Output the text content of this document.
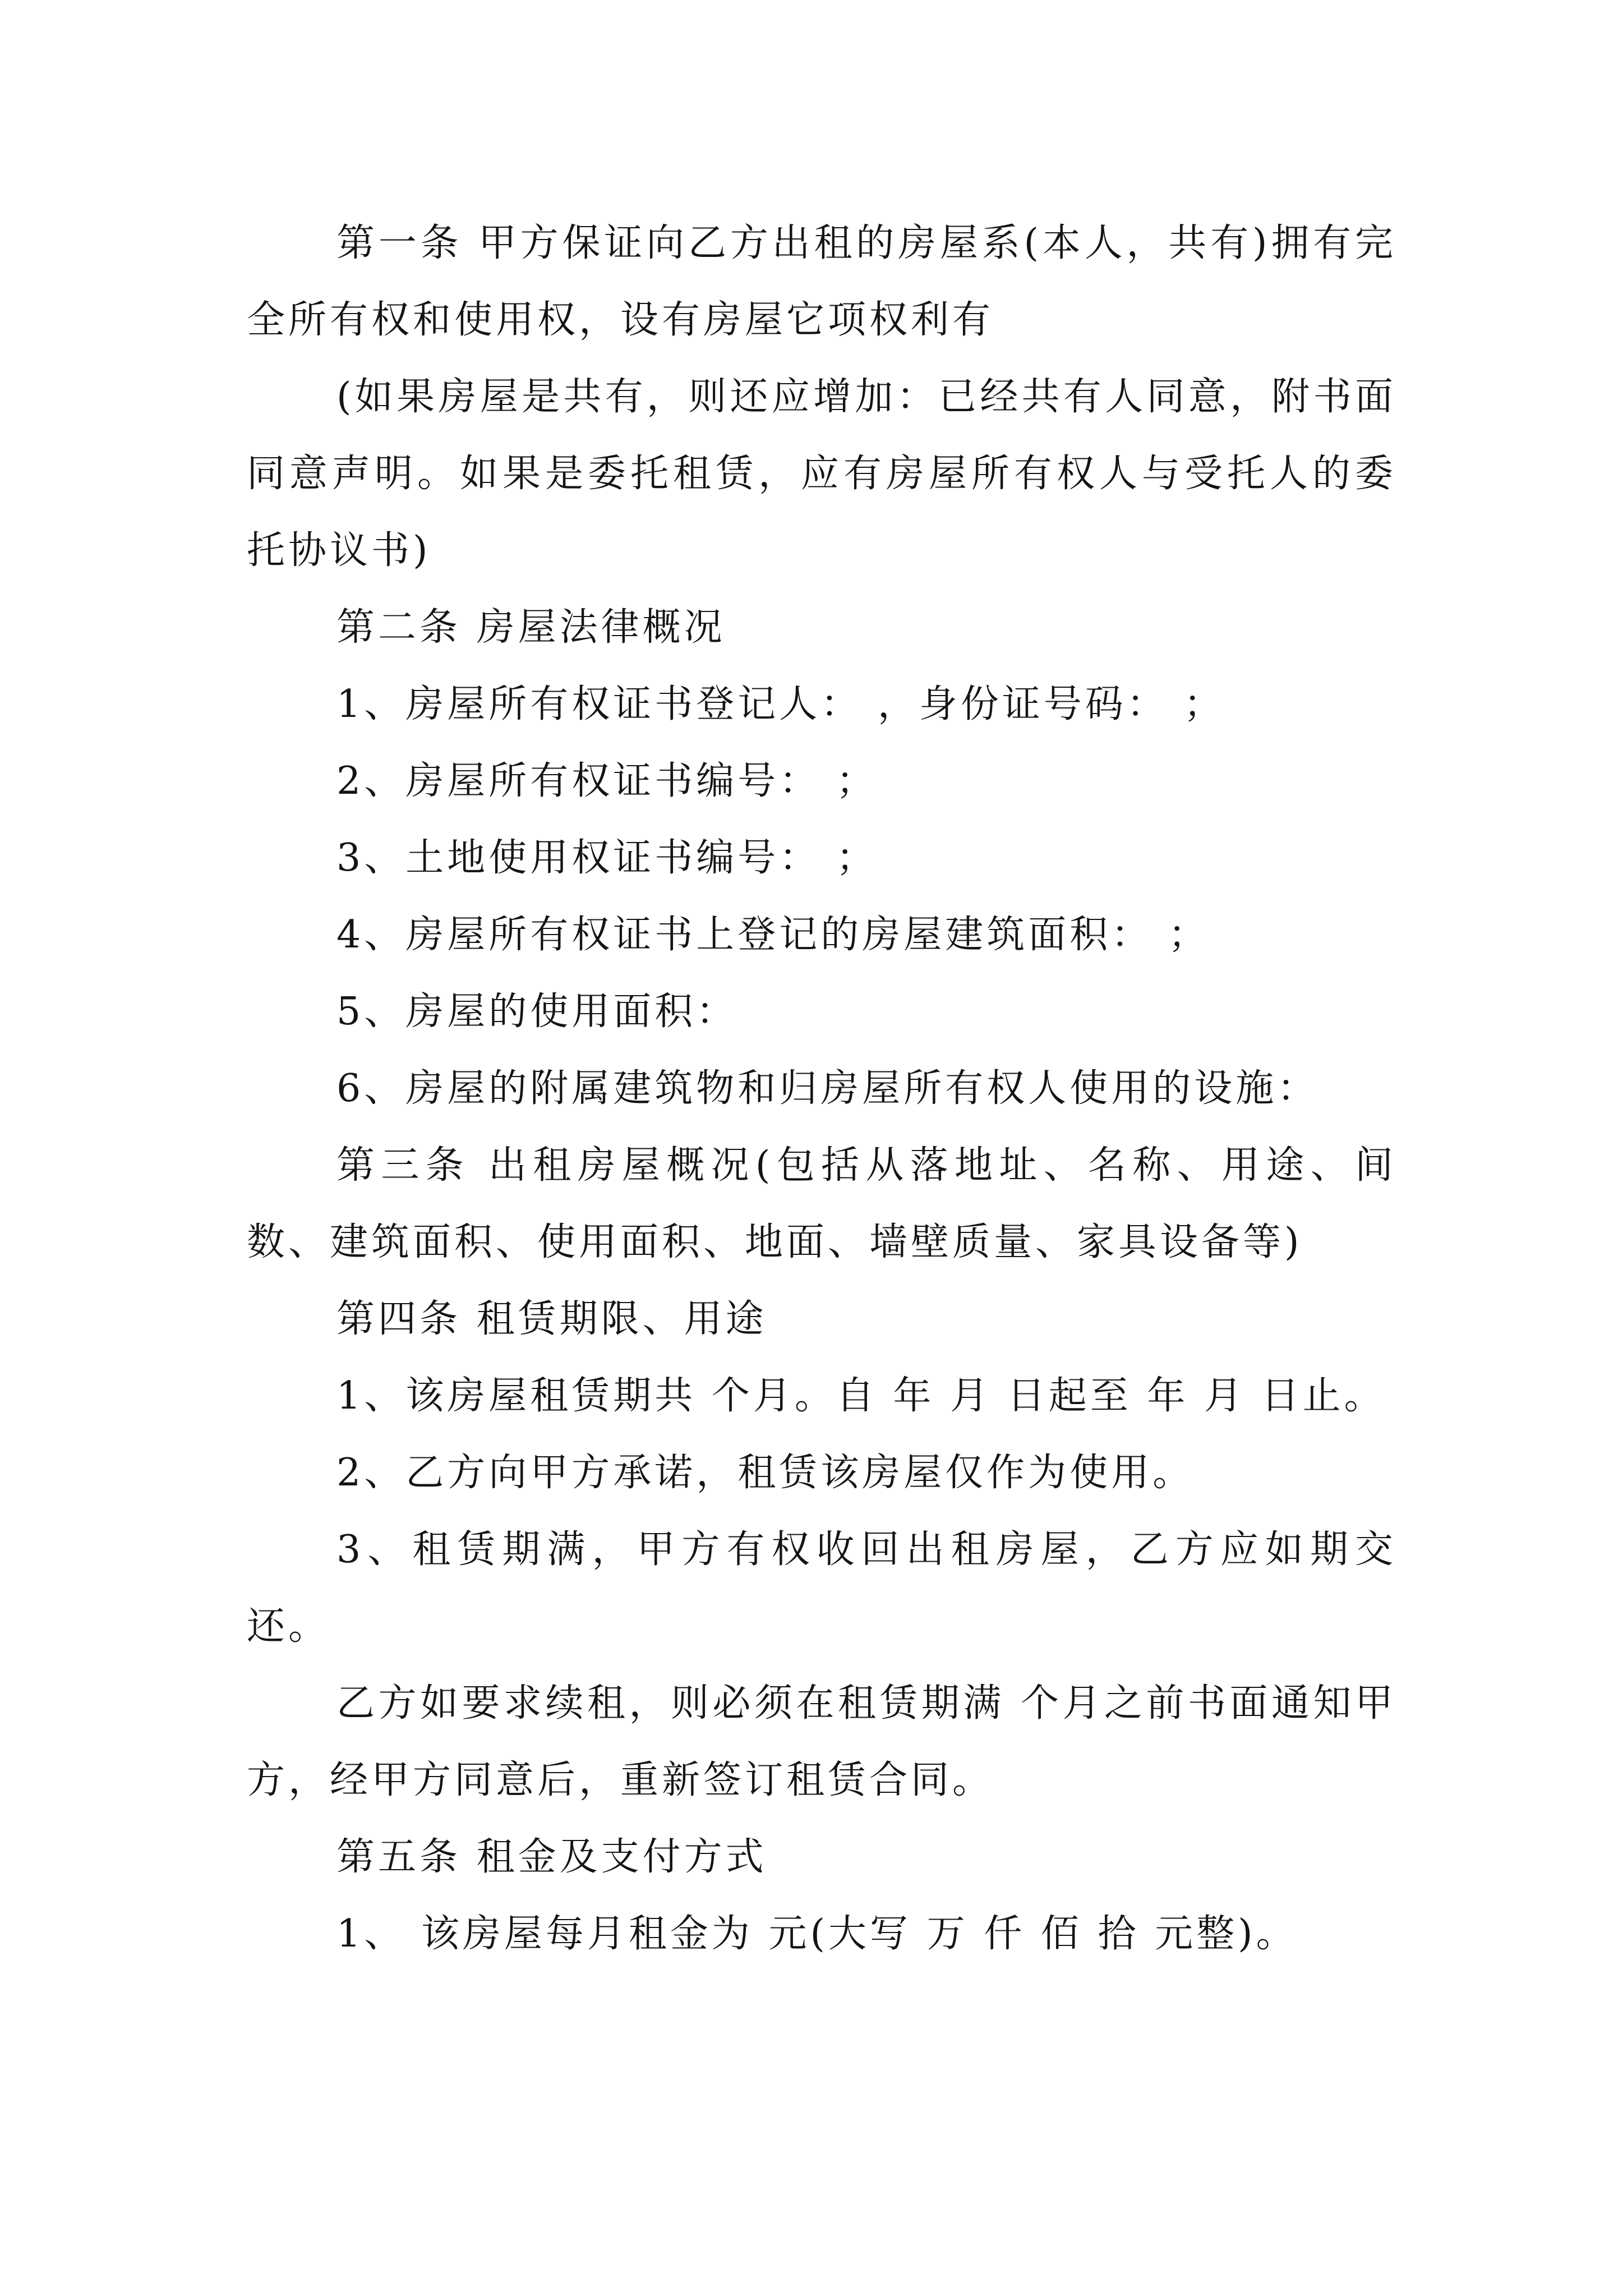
第一条 甲方保证向乙方出租的房屋系(本人，共有)拥有完全所有权和使用权，设有房屋它项权利有

(如果房屋是共有，则还应增加：已经共有人同意，附书面同意声明。如果是委托租赁，应有房屋所有权人与受托人的委托协议书)

第二条 房屋法律概况

1、房屋所有权证书登记人： ，身份证号码： ；

2、房屋所有权证书编号： ；

3、土地使用权证书编号： ；

4、房屋所有权证书上登记的房屋建筑面积： ；

5、房屋的使用面积：

6、房屋的附属建筑物和归房屋所有权人使用的设施：

第三条 出租房屋概况(包括从落地址、名称、用途、间数、建筑面积、使用面积、地面、墙壁质量、家具设备等)

第四条 租赁期限、用途

1、该房屋租赁期共 个月。自 年 月 日起至 年 月 日止。

2、乙方向甲方承诺，租赁该房屋仅作为使用。

3、租赁期满，甲方有权收回出租房屋，乙方应如期交还。

乙方如要求续租，则必须在租赁期满 个月之前书面通知甲方，经甲方同意后，重新签订租赁合同。

第五条 租金及支付方式

1、 该房屋每月租金为 元(大写 万 仟 佰 拾 元整)。
